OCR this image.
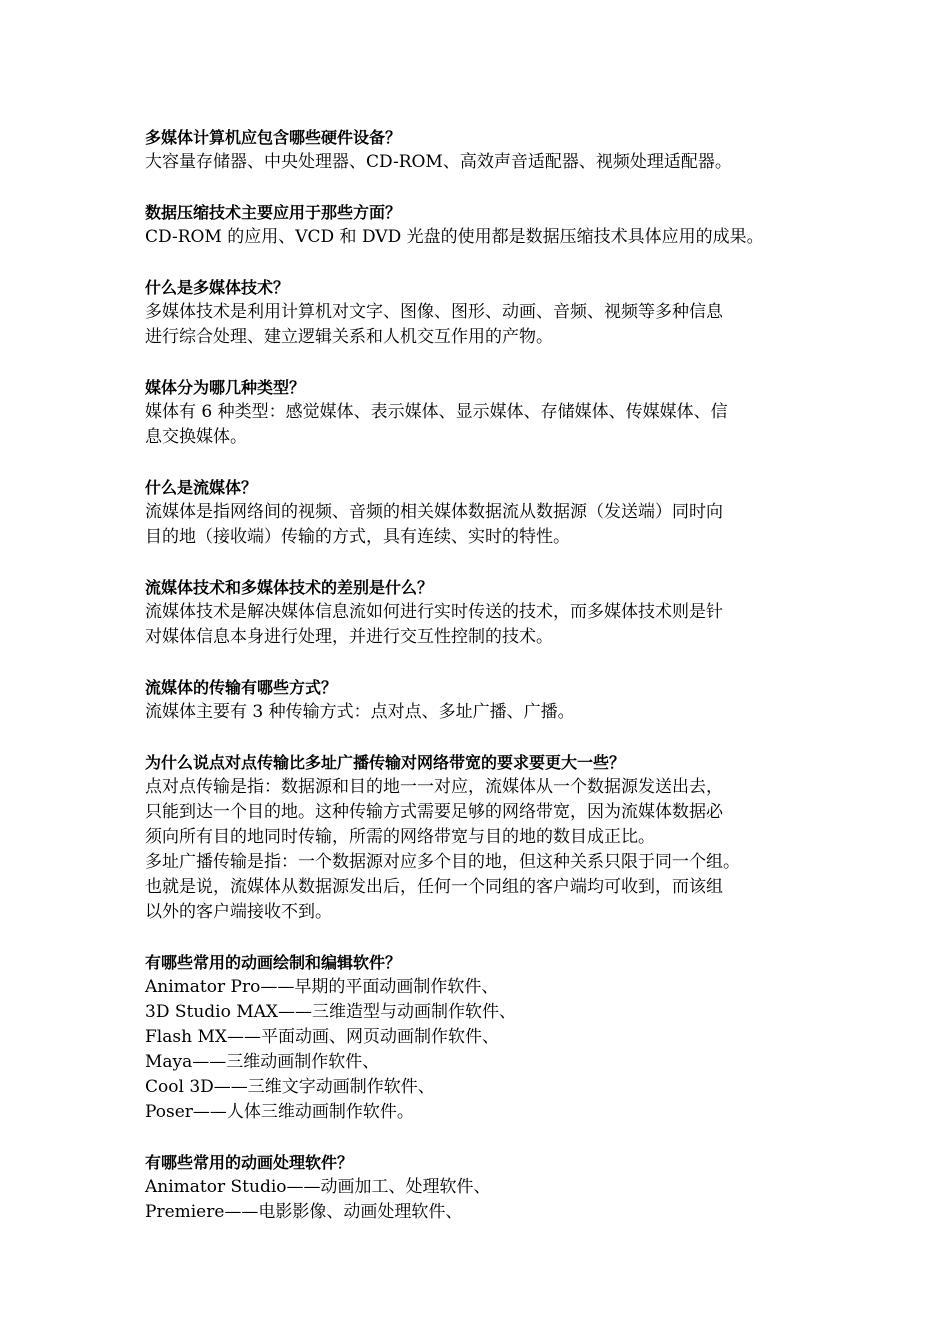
多媒体计算机应包含哪些硬件设备？
大容量存储器、中央处理器、CD-ROM、高效声音适配器、视频处理适配器。
数据压缩技术主要应用于那些方面？
CD-ROM 的应用、VCD 和 DVD 光盘的使用都是数据压缩技术具体应用的成果。
什么是多媒体技术？
多媒体技术是利用计算机对文字、图像、图形、动画、音频、视频等多种信息
进行综合处理、建立逻辑关系和人机交互作用的产物。
媒体分为哪几种类型？
媒体有 6 种类型：感觉媒体、表示媒体、显示媒体、存储媒体、传媒媒体、信
息交换媒体。
什么是流媒体？
流媒体是指网络间的视频、音频的相关媒体数据流从数据源（发送端）同时向
目的地（接收端）传输的方式，具有连续、实时的特性。
流媒体技术和多媒体技术的差别是什么？
流媒体技术是解决媒体信息流如何进行实时传送的技术，而多媒体技术则是针
对媒体信息本身进行处理，并进行交互性控制的技术。
流媒体的传输有哪些方式？
流媒体主要有 3 种传输方式：点对点、多址广播、广播。
为什么说点对点传输比多址广播传输对网络带宽的要求要更大一些？
点对点传输是指：数据源和目的地一一对应，流媒体从一个数据源发送出去，
只能到达一个目的地。这种传输方式需要足够的网络带宽，因为流媒体数据必
须向所有目的地同时传输，所需的网络带宽与目的地的数目成正比。
多址广播传输是指：一个数据源对应多个目的地，但这种关系只限于同一个组。
也就是说，流媒体从数据源发出后，任何一个同组的客户端均可收到，而该组
以外的客户端接收不到。
有哪些常用的动画绘制和编辑软件？
Animator Pro——早期的平面动画制作软件、
3D Studio MAX——三维造型与动画制作软件、
Flash MX——平面动画、网页动画制作软件、
Maya——三维动画制作软件、
Cool 3D——三维文字动画制作软件、
Poser——人体三维动画制作软件。
有哪些常用的动画处理软件？
Animator Studio——动画加工、处理软件、
Premiere——电影影像、动画处理软件、
